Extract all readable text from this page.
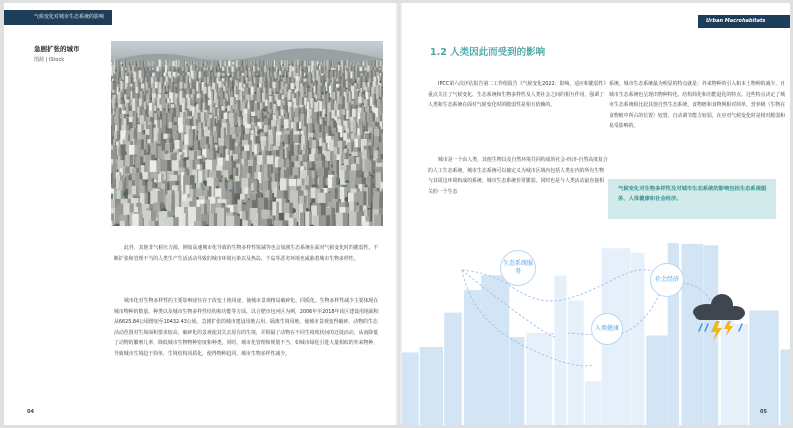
气候变化对城市生态系统的影响
急剧扩张的城市
图源 | iStock

此外，其他非气候压力源，例如高速城市化导致的生物多样性锐减等也会加剧生态系统在面对气候变化时的脆弱性。不断扩张和管理不当的人类生产生活活动导致的城市环境污染以及热岛、干岛等恶劣环境也威胁着城市生物多样性。

城市化对生物多样性的主要影响途径在于改变土地用途，使城市景观格局破碎化、同质化。生物多样性减少主要体现在城市物种的数量、种类以及城市生物多样性结构和功能等方面。以合肥市包河区为例，2006年至2018年该区建设用地面积从6625.84公顷增加至10432.43公顷。急剧扩张的城市建设用地占用、隔离生境用地，使城市景观变得破碎。动物的生态活动范围对生境面积要求较高，破碎化的景观使其失去原有的生境，并阻隔了动物在不同生境现状间的迁徙活动，从而降低了动物的繁殖几率，降低城市生物物种密度和种类。同时，城市化管理和规划不当，如城市绿化引进大量相似的外来物种，导致城市生境趋于简单，生境结构同质化，使得物种趋同，城市生物多样性减少。

04
Urban Macrohabitats
1.2 人类因此而受到的影响

IPCC第六次评估报告第二工作组报告《气候变化2022：影响、适应和脆弱性》重点关注了气候变化、生态系统和生物多样性及人类社会之间的相互作用，强调了人类和生态系统在面对气候变化时的脆弱性是相互依赖的。

城市是一个由人类、其他生物以及自然环境共同构成的社会-经济-自然高度复合的人工生态系统，城市生态系统可以被定义为城市区域内包括人类在内的所有生物与其周边环境构成的系统。城市生态系统非常脆弱，同时也是与人类活动最直接相关的一个生态

系统。城市生态系统最为明显的特点就是：外来物种的引入和本土物种的减少，且城市生态系统也呈现出物种特化、结构简化和功能退化的特点。这些特点决定了城市生态系统相比起其他自然生态系统，食物链和食物网相对简单，营养级（生物在食物链中所占的位置）较置，自动调节能力较弱，在应对气候变化时是相对脆弱和易受影响的。

气候变化对生物多样性及对城市生态系统的影响包括生态系统服务、人体健康和社会经济。
生态系统服务
社会经济
人类健康
05
